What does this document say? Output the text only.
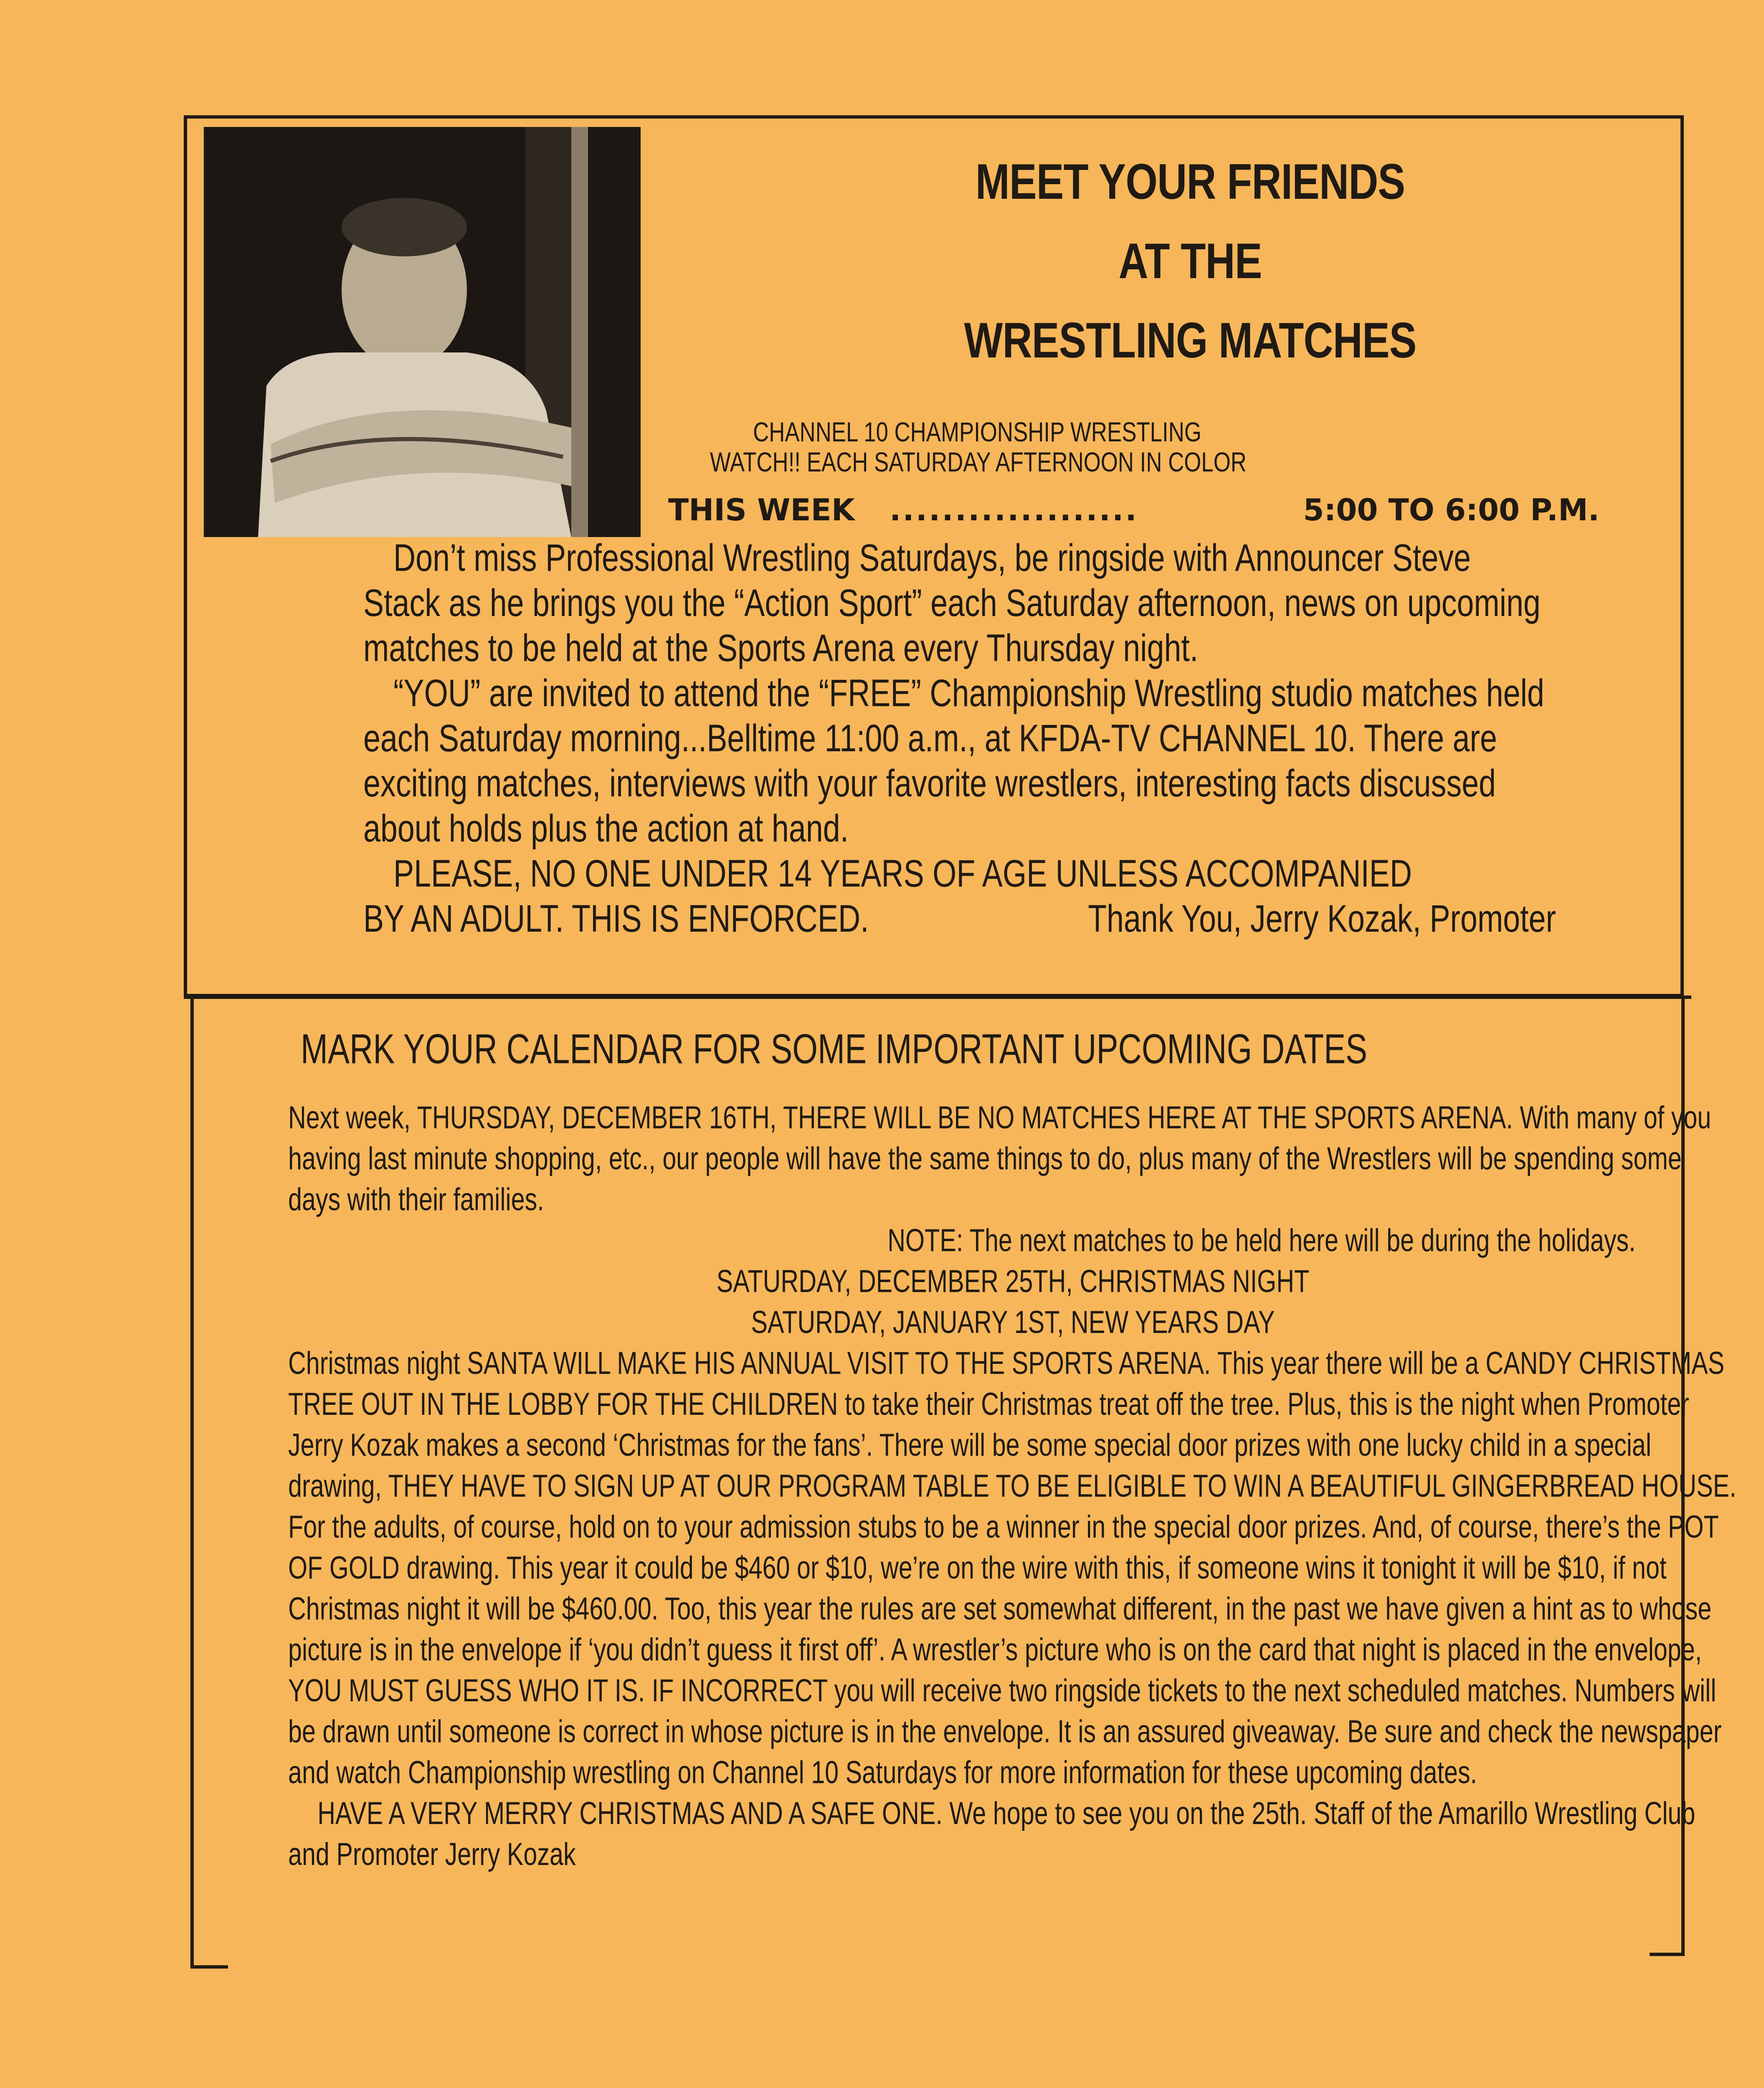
MEET YOUR FRIENDS
AT THE
WRESTLING MATCHES
CHANNEL 10 CHAMPIONSHIP WRESTLING
WATCH!! EACH SATURDAY AFTERNOON IN COLOR
THIS WEEK ...................	5:00 TO 6:00 P.M.

Don’t miss Professional Wrestling Saturdays, be ringside with Announcer Steve Stack as he brings you the “Action Sport” each Saturday afternoon, news on upcoming matches to be held at the Sports Arena every Thursday night.

“YOU” are invited to attend the “FREE” Championship Wrestling studio matches held each Saturday morning...Belltime 11:00 a.m., at KFDA-TV CHANNEL 10. There are exciting matches, interviews with your favorite wrestlers, interesting facts discussed about holds plus the action at hand.

PLEASE, NO ONE UNDER 14 YEARS OF AGE UNLESS ACCOMPANIED

BY AN ADULT. THIS IS ENFORCED.	Thank You, Jerry Kozak, Promoter
MARK YOUR CALENDAR FOR SOME IMPORTANT UPCOMING DATES

Next week, THURSDAY, DECEMBER 16TH, THERE WILL BE NO MATCHES HERE AT THE SPORTS ARENA. With many of you having last minute shopping, etc., our people will have the same things to do, plus many of the Wrestlers will be spending some days with their families.

NOTE: The next matches to be held here will be during the holidays.

SATURDAY, DECEMBER 25TH, CHRISTMAS NIGHT

SATURDAY, JANUARY 1ST, NEW YEARS DAY

Christmas night SANTA WILL MAKE HIS ANNUAL VISIT TO THE SPORTS ARENA. This year there will be a CANDY CHRISTMAS TREE OUT IN THE LOBBY FOR THE CHILDREN to take their Christmas treat off the tree. Plus, this is the night when Promoter Jerry Kozak makes a second ‘Christmas for the fans’. There will be some special door prizes with one lucky child in a special drawing, THEY HAVE TO SIGN UP AT OUR PROGRAM TABLE TO BE ELIGIBLE TO WIN A BEAUTIFUL GINGERBREAD HOUSE. For the adults, of course, hold on to your admission stubs to be a winner in the special door prizes. And, of course, there’s the POT OF GOLD drawing. This year it could be $460 or $10, we’re on the wire with this, if someone wins it tonight it will be $10, if not Christmas night it will be $460.00. Too, this year the rules are set somewhat different, in the past we have given a hint as to whose picture is in the envelope if ‘you didn’t guess it first off’. A wrestler’s picture who is on the card that night is placed in the envelope, YOU MUST GUESS WHO IT IS. IF INCORRECT you will receive two ringside tickets to the next scheduled matches. Numbers will be drawn until someone is correct in whose picture is in the envelope. It is an assured giveaway. Be sure and check the newspaper and watch Championship wrestling on Channel 10 Saturdays for more information for these upcoming dates.

HAVE A VERY MERRY CHRISTMAS AND A SAFE ONE. We hope to see you on the 25th. Staff of the Amarillo Wrestling Club and Promoter Jerry Kozak
